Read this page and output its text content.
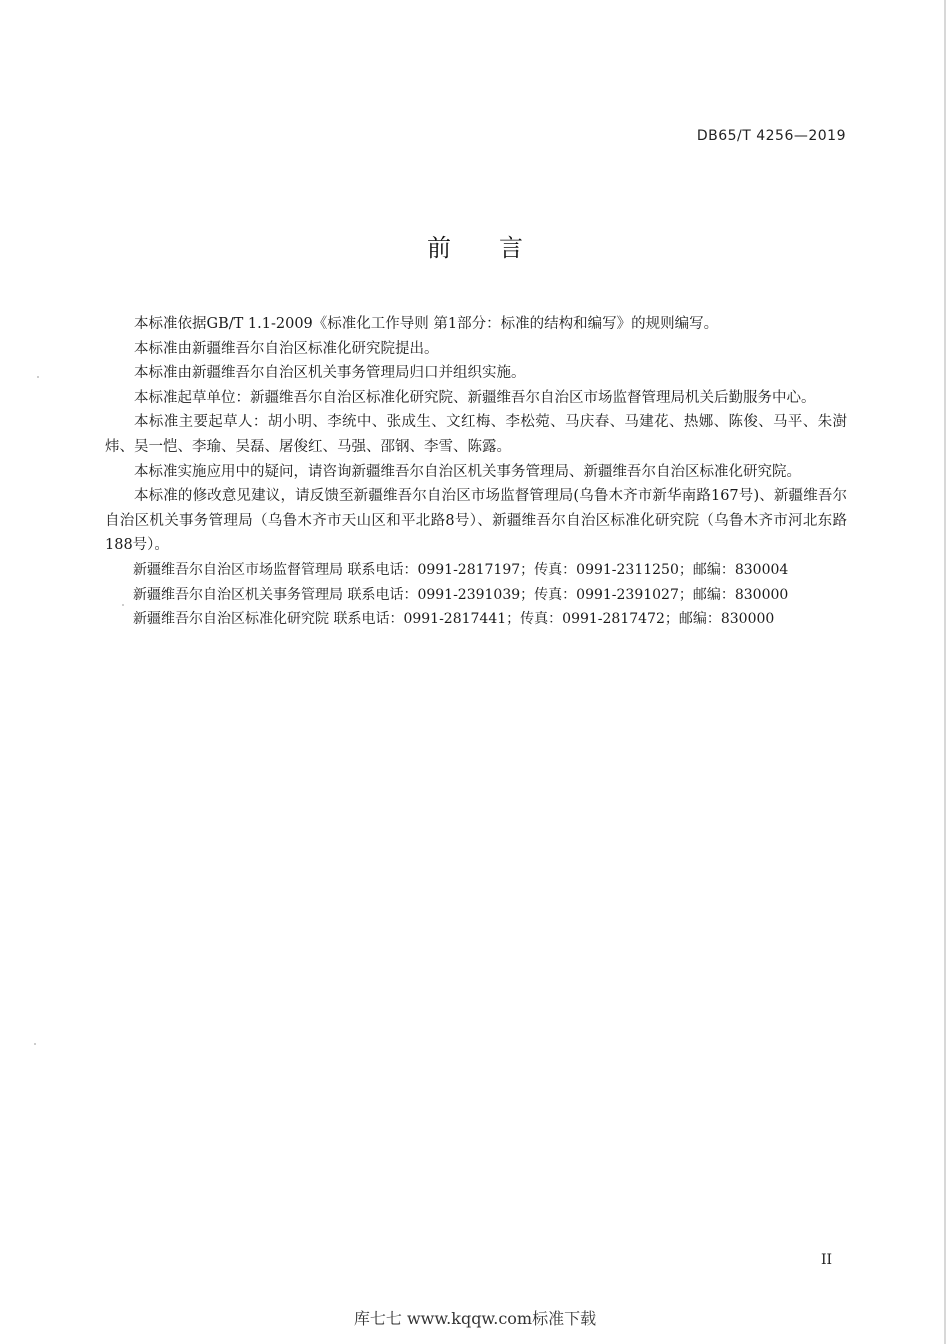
DB65/T 4256—2019
前言

本标准依据GB/T 1.1-2009《标准化工作导则 第1部分：标准的结构和编写》的规则编写。

本标准由新疆维吾尔自治区标准化研究院提出。

本标准由新疆维吾尔自治区机关事务管理局归口并组织实施。

本标准起草单位：新疆维吾尔自治区标准化研究院、新疆维吾尔自治区市场监督管理局机关后勤服务中心。

本标准主要起草人：胡小明、李统中、张成生、文红梅、李松菀、马庆春、马建花、热娜、陈俊、马平、朱澍炜、吴一恺、李瑜、吴磊、屠俊红、马强、邵钢、李雪、陈露。

本标准实施应用中的疑问，请咨询新疆维吾尔自治区机关事务管理局、新疆维吾尔自治区标准化研究院。

本标准的修改意见建议，请反馈至新疆维吾尔自治区市场监督管理局(乌鲁木齐市新华南路167号)、新疆维吾尔自治区机关事务管理局（乌鲁木齐市天山区和平北路8号）、新疆维吾尔自治区标准化研究院（乌鲁木齐市河北东路188号）。

新疆维吾尔自治区市场监督管理局 联系电话：0991-2817197；传真：0991-2311250；邮编：830004

新疆维吾尔自治区机关事务管理局 联系电话：0991-2391039；传真：0991-2391027；邮编：830000

新疆维吾尔自治区标准化研究院 联系电话：0991-2817441；传真：0991-2817472；邮编：830000

II
库七七 www.kqqw.com标准下载
